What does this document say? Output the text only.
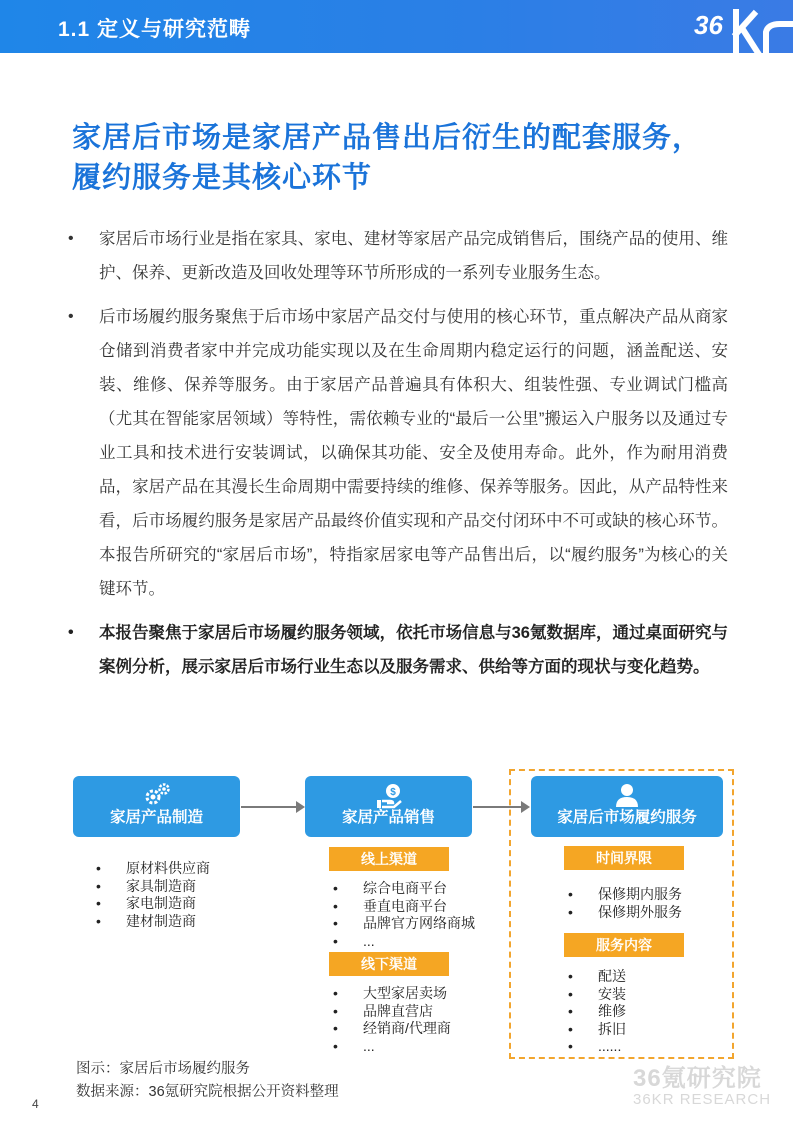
1.1 定义与研究范畴	36
家居后市场是家居产品售出后衍生的配套服务，
履约服务是其核心环节
• 家居后市场行业是指在家具、家电、建材等家居产品完成销售后，围绕产品的使用、维护、保养、更新改造及回收处理等环节所形成的一系列专业服务生态。
• 后市场履约服务聚焦于后市场中家居产品交付与使用的核心环节，重点解决产品从商家仓储到消费者家中并完成功能实现以及在生命周期内稳定运行的问题，涵盖配送、安装、维修、保养等服务。由于家居产品普遍具有体积大、组装性强、专业调试门槛高（尤其在智能家居领域）等特性，需依赖专业的“最后一公里”搬运入户服务以及通过专业工具和技术进行安装调试，以确保其功能、安全及使用寿命。此外，作为耐用消费品，家居产品在其漫长生命周期中需要持续的维修、保养等服务。因此，从产品特性来看，后市场履约服务是家居产品最终价值实现和产品交付闭环中不可或缺的核心环节。本报告所研究的“家居后市场”，特指家居家电等产品售出后，以“履约服务”为核心的关键环节。
• 本报告聚焦于家居后市场履约服务领域，依托市场信息与36氪数据库，通过桌面研究与案例分析，展示家居后市场行业生态以及服务需求、供给等方面的现状与变化趋势。
家居产品制造
$
家居产品销售	家居后市场履约服务
• 原材料供应商
• 家具制造商
• 家电制造商
• 建材制造商
线上渠道
• 综合电商平台
• 垂直电商平台
• 品牌官方网络商城
• ...
线下渠道
• 大型家居卖场
• 品牌直营店
• 经销商/代理商
• ...
时间界限
• 保修期内服务
• 保修期外服务
服务内容
• 配送
• 安装
• 维修
• 拆旧
• ......
图示：家居后市场履约服务
数据来源：36氪研究院根据公开资料整理	36氪研究院
36KR RESEARCH
4
